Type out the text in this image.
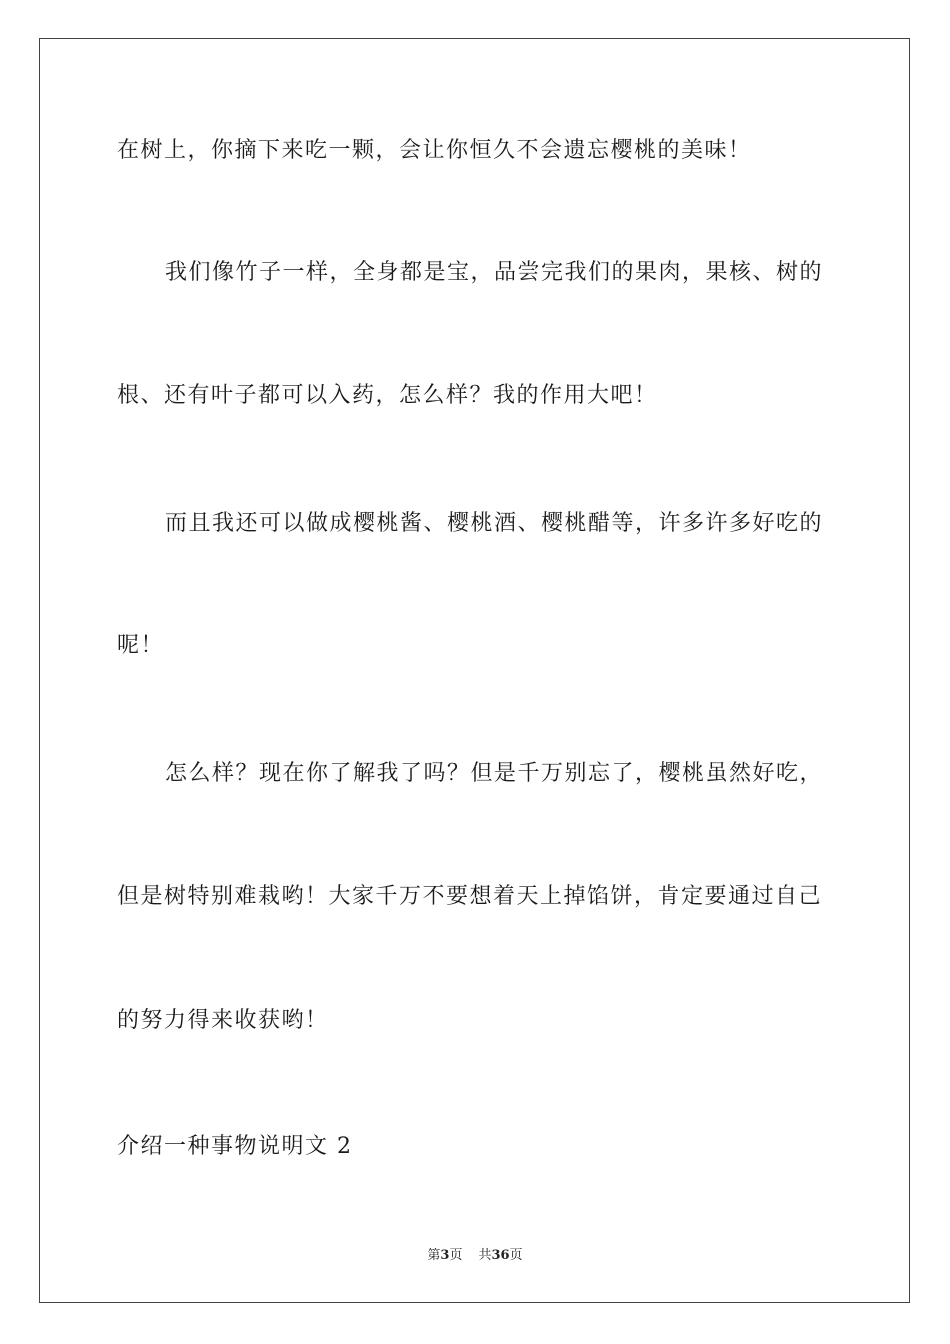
在树上，你摘下来吃一颗，会让你恒久不会遗忘樱桃的美味！
我们像竹子一样，全身都是宝，品尝完我们的果肉，果核、树的
根、还有叶子都可以入药，怎么样？我的作用大吧！
而且我还可以做成樱桃酱、樱桃酒、樱桃醋等，许多许多好吃的
呢！
怎么样？现在你了解我了吗？但是千万别忘了，樱桃虽然好吃，
但是树特别难栽哟！大家千万不要想着天上掉馅饼，肯定要通过自己
的努力得来收获哟！
介绍一种事物说明文 2
第3页 共36页
